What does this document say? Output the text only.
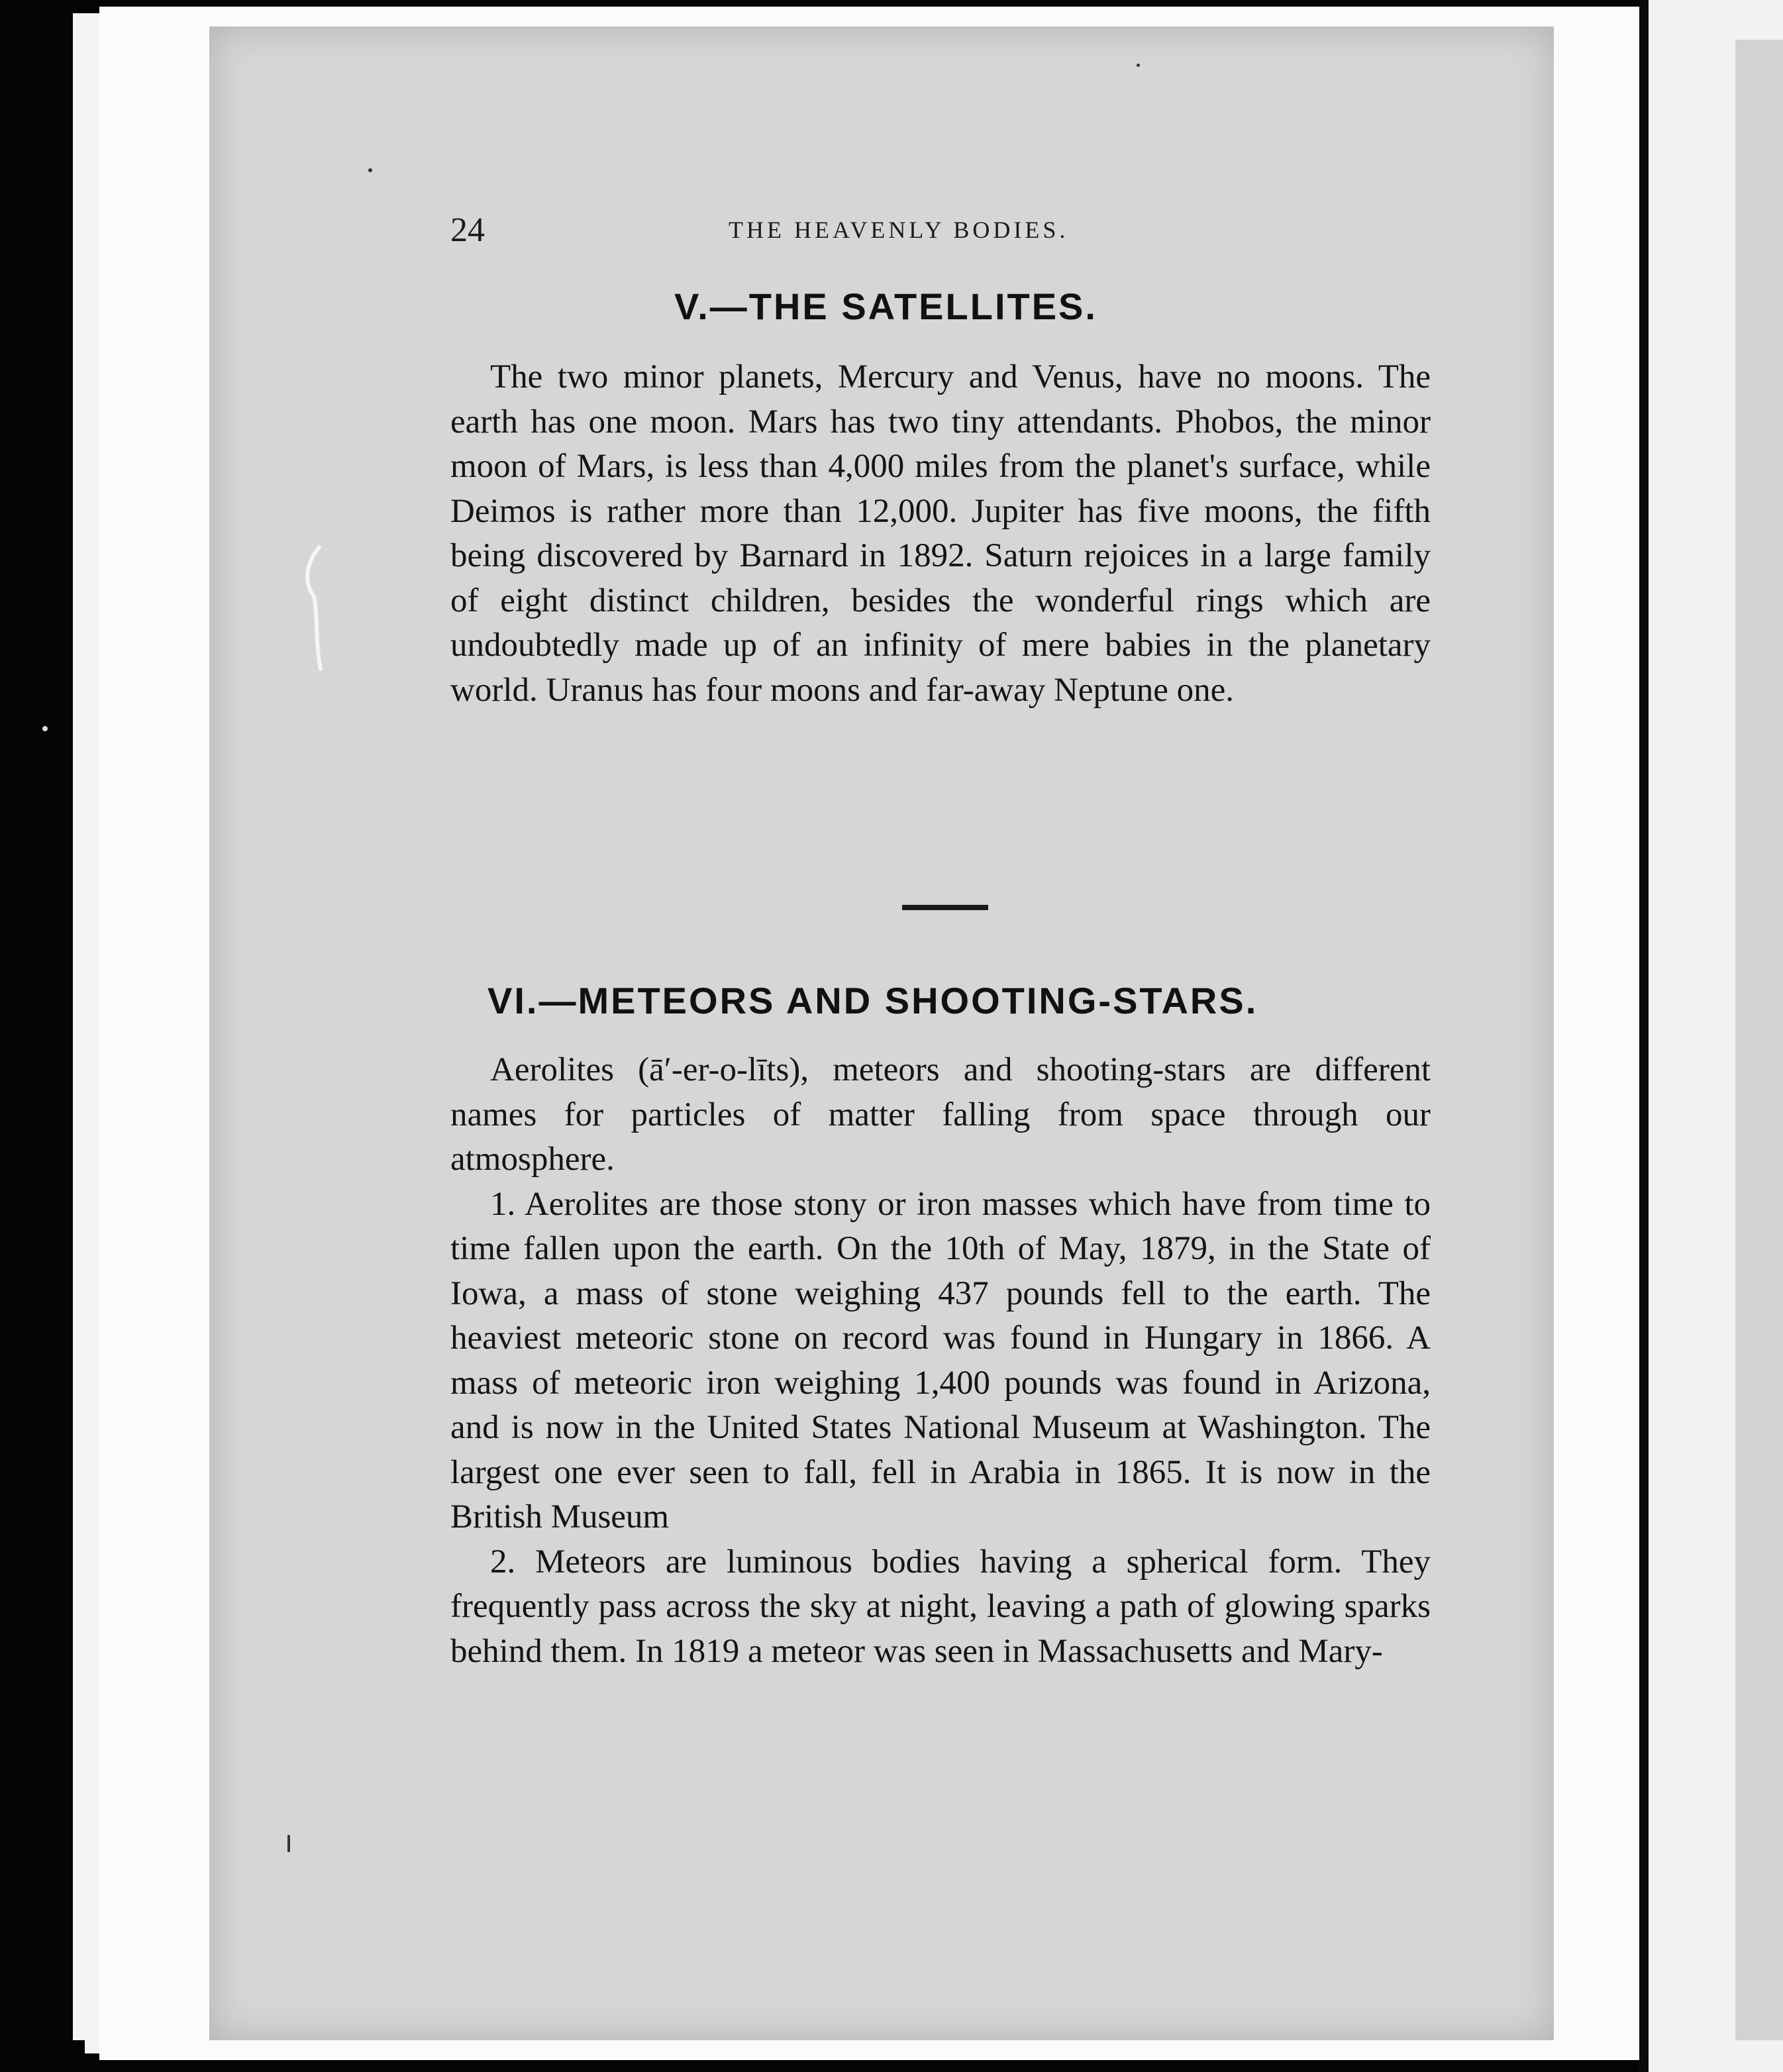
24	THE HEAVENLY BODIES.
V.—THE SATELLITES.

The two minor planets, Mercury and Venus, have no moons. The earth has one moon. Mars has two tiny attendants. Phobos, the minor moon of Mars, is less than 4,000 miles from the planet's surface, while Deimos is rather more than 12,000. Jupiter has five moons, the fifth being discovered by Barnard in 1892. Saturn rejoices in a large family of eight distinct children, besides the wonderful rings which are undoubtedly made up of an infinity of mere babies in the planetary world. Uranus has four moons and far-away Neptune one.

VI.—METEORS AND SHOOTING-STARS.

Aerolites (ā′-er-o-līts), meteors and shooting-stars are different names for particles of matter falling from space through our atmosphere.

1. Aerolites are those stony or iron masses which have from time to time fallen upon the earth. On the 10th of May, 1879, in the State of Iowa, a mass of stone weighing 437 pounds fell to the earth. The heaviest meteoric stone on record was found in Hungary in 1866. A mass of meteoric iron weighing 1,400 pounds was found in Arizona, and is now in the United States National Museum at Washington. The largest one ever seen to fall, fell in Arabia in 1865. It is now in the British Museum

2. Meteors are luminous bodies having a spherical form. They frequently pass across the sky at night, leaving a path of glowing sparks behind them. In 1819 a meteor was seen in Massachusetts and Mary-
